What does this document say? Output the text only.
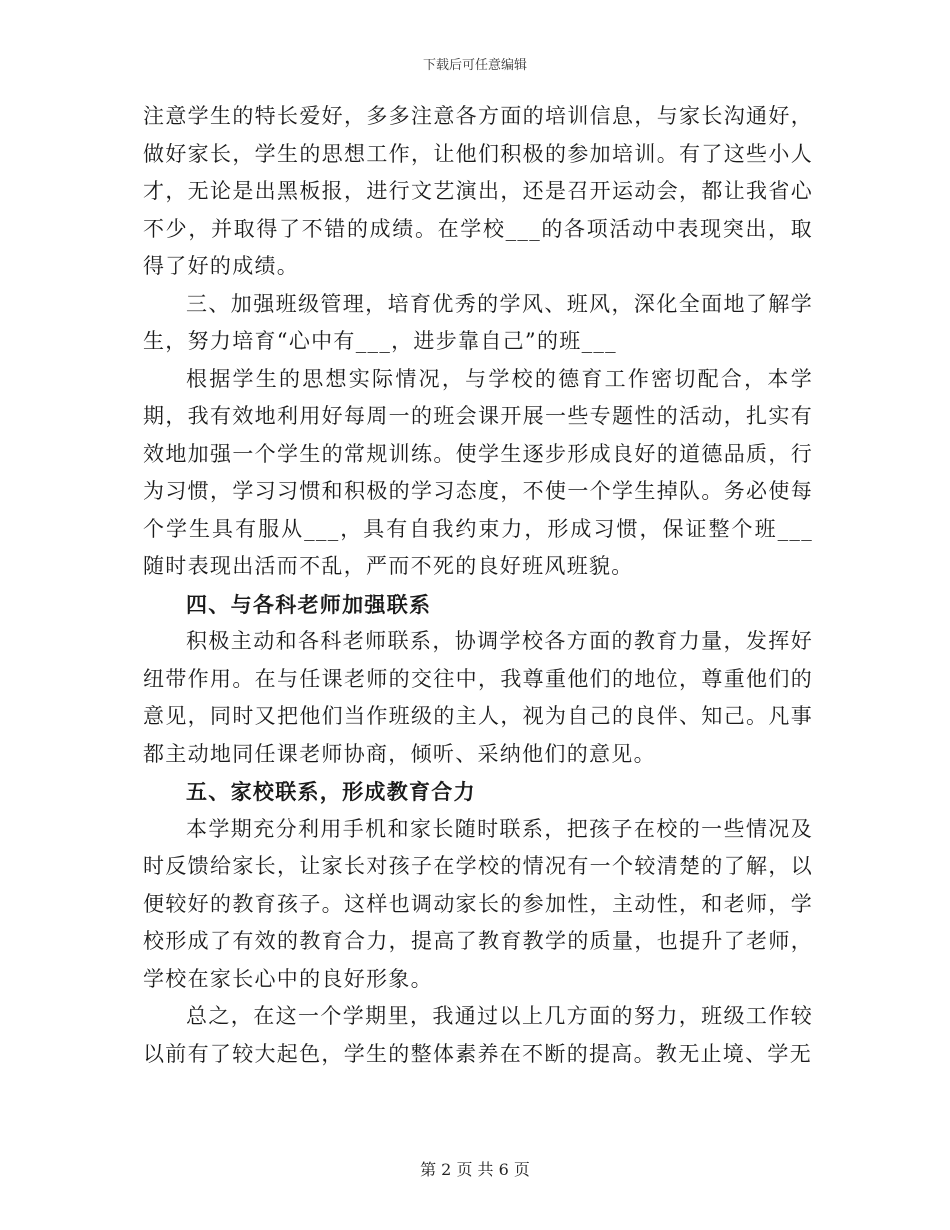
下载后可任意编辑

注意学生的特长爱好，多多注意各方面的培训信息，与家长沟通好，做好家长，学生的思想工作，让他们积极的参加培训。有了这些小人才，无论是出黑板报，进行文艺演出，还是召开运动会，都让我省心不少，并取得了不错的成绩。在学校___的各项活动中表现突出，取得了好的成绩。

三、加强班级管理，培育优秀的学风、班风，深化全面地了解学生，努力培育“心中有___，进步靠自己”的班___

根据学生的思想实际情况，与学校的德育工作密切配合，本学期，我有效地利用好每周一的班会课开展一些专题性的活动，扎实有效地加强一个学生的常规训练。使学生逐步形成良好的道德品质，行为习惯，学习习惯和积极的学习态度，不使一个学生掉队。务必使每个学生具有服从___，具有自我约束力，形成习惯，保证整个班___随时表现出活而不乱，严而不死的良好班风班貌。

四、与各科老师加强联系

积极主动和各科老师联系，协调学校各方面的教育力量，发挥好纽带作用。在与任课老师的交往中，我尊重他们的地位，尊重他们的意见，同时又把他们当作班级的主人，视为自己的良伴、知己。凡事都主动地同任课老师协商，倾听、采纳他们的意见。

五、家校联系，形成教育合力

本学期充分利用手机和家长随时联系，把孩子在校的一些情况及时反馈给家长，让家长对孩子在学校的情况有一个较清楚的了解，以便较好的教育孩子。这样也调动家长的参加性，主动性，和老师，学校形成了有效的教育合力，提高了教育教学的质量，也提升了老师，学校在家长心中的良好形象。

总之，在这一个学期里，我通过以上几方面的努力，班级工作较以前有了较大起色，学生的整体素养在不断的提高。教无止境、学无

第 2 页 共 6 页
